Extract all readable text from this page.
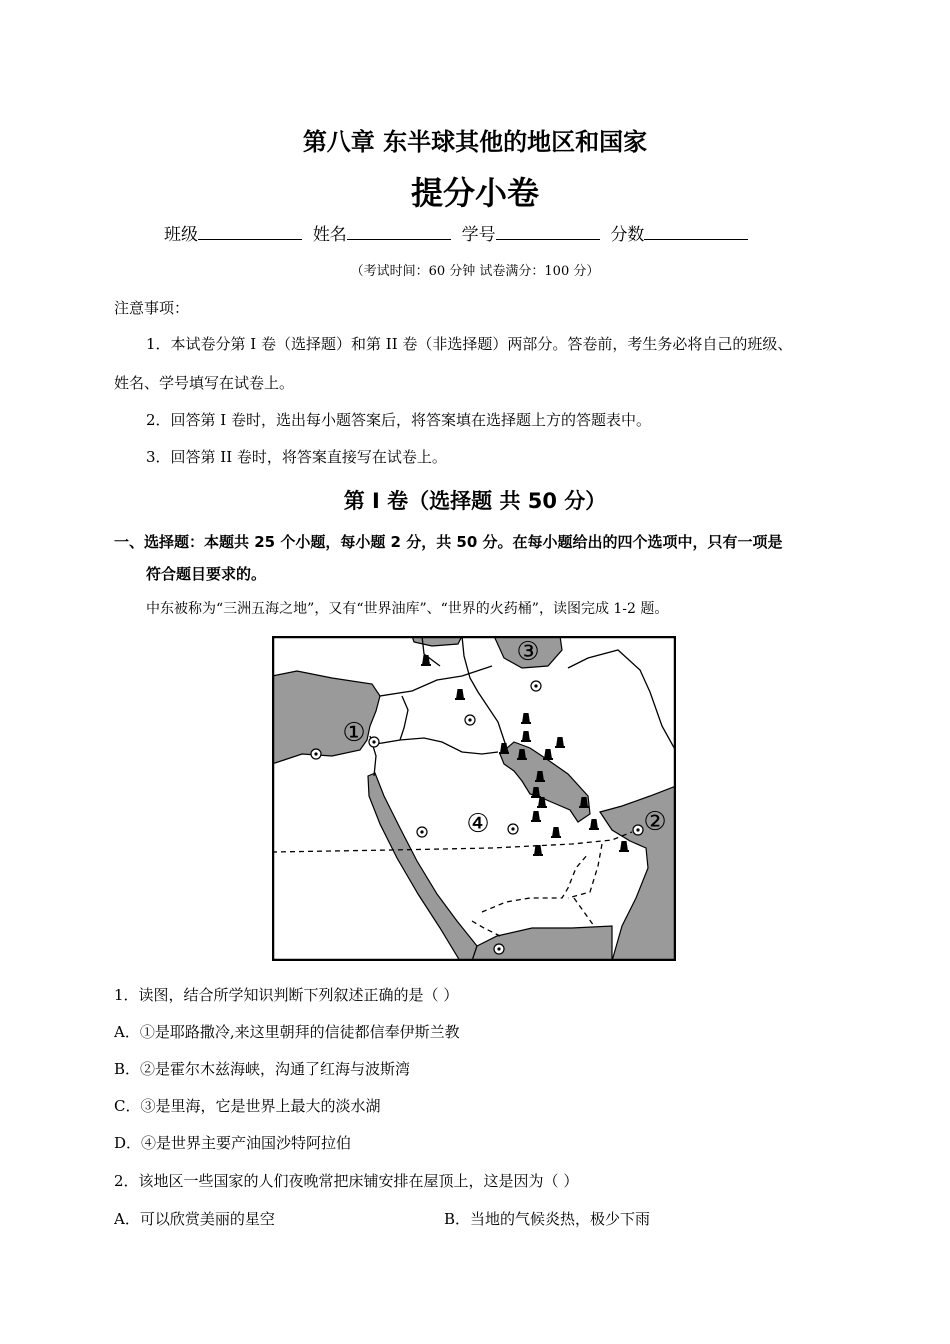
第八章 东半球其他的地区和国家
提分小卷
班级	姓名	学号	分数
（考试时间：60 分钟 试卷满分：100 分）
注意事项：
1．本试卷分第 I 卷（选择题）和第 II 卷（非选择题）两部分。答卷前，考生务必将自己的班级、
姓名、学号填写在试卷上。
2．回答第 I 卷时，选出每小题答案后，将答案填在选择题上方的答题表中。
3．回答第 II 卷时，将答案直接写在试卷上。
第 I 卷（选择题 共 50 分）
一、选择题：本题共 25 个小题，每小题 2 分，共 50 分。在每小题给出的四个选项中，只有一项是
符合题目要求的。
中东被称为“三洲五海之地”，又有“世界油库”、“世界的火药桶”，读图完成 1-2 题。
①
②
③
④
1．读图，结合所学知识判断下列叙述正确的是（ ）
A．①是耶路撒冷,来这里朝拜的信徒都信奉伊斯兰教
B．②是霍尔木兹海峡，沟通了红海与波斯湾
C．③是里海，它是世界上最大的淡水湖
D．④是世界主要产油国沙特阿拉伯
2．该地区一些国家的人们夜晚常把床铺安排在屋顶上，这是因为（ ）
A．可以欣赏美丽的星空	B．当地的气候炎热，极少下雨
